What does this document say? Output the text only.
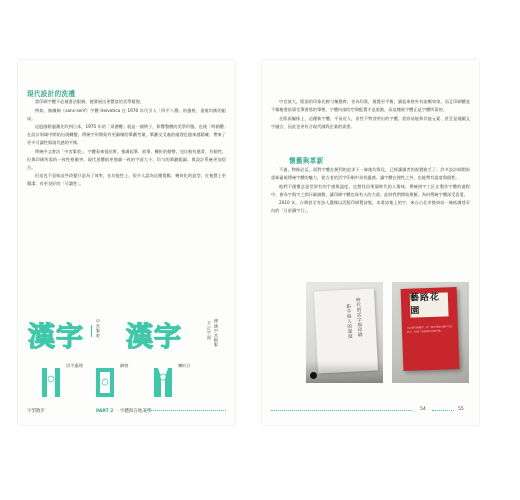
現代設計的洗禮

當印刷字體不必被書法限制，便發展出更豐富的美學樣貌。

例如，無襯線（sans-serif）字體 Helvetica 在 1970 年代引入「四平八穩」的風格，重視均衡的組成。

這股國際風潮先吹到日本，1975 年的「哥德體」就是一個例子，影響整體的美學形態，也使「明朝體」在設計領域中開始出現轉變。傳統字形開始有更細緻的筆劃考量，筆劃交叉處的處理也越來越精確，帶來了更多可讀性與現代感的平衡。

傳統中文書法「中宮緊收」，字體看來很結實，強調起筆、收筆、轉折的動勢，也比較有風骨、有個性，但與印刷所需的一致性相衝突。現代黑體則更強調一致的字面大小、均勻的筆劃粗細，與設計系統更加契合。

但這也不意味這些改變只是為了效率，在功能性上，很多人認為這種寬鬆、幾何化的造型，在視覺上更簡潔、有更良好的「可讀性」。

漢字	中宮緊收 漢字	傳統中宮較緊
方正字面
切平處理	網格	喇叭口
字型散步	PART 2 字體與在地美學

中宮放大，版面的印象比較勻稱整齊，更為均質，視覺更平衡，讀起來格外有流暢效果。而且印刷體並不像楷書依靠毛筆書寫的筆勢，字體內部的空間配置才是重點，而這種新字體正是字體所需的。

在版面編排上，這種新字體，平易近人，但性不特別突出的字體，很容易能和其他元素、甚至是地圖文字融合，因此也更符合現代國際企業的需要。

懷舊與革新

不過，物極必反，面對字體在便利的追求下一昧地均質化，已經讓讀者的視覺疲乏了。許多設計師開始重新審視傳統字體的魅力，從古老的活字印刷中尋找靈感，讓字體在理性之外，也能帶有溫度與個性。

他們不僅懷念造型原有的手感與溫度，也想找回那個時代的人情味，傳統鉛字工匠在製作字體的過程中，會為字與字之間仔細調整，讓印刷字體也保有人的力道。此時我們開始理解，為何傳統字體深受喜愛。

2010 年，台灣甚至有詩人選擇以活版印刷製詩集，本書詩集上的字，來自台北市後車站一條低調巷弄內的「日星鑄字行」。

時代的活字與印刷
鉛字與人的溫度
藝路花園
著
以活版印刷製作，每一個字都取自鑄字行的鉛字，保留了最純粹的印刷手感。
54	55
